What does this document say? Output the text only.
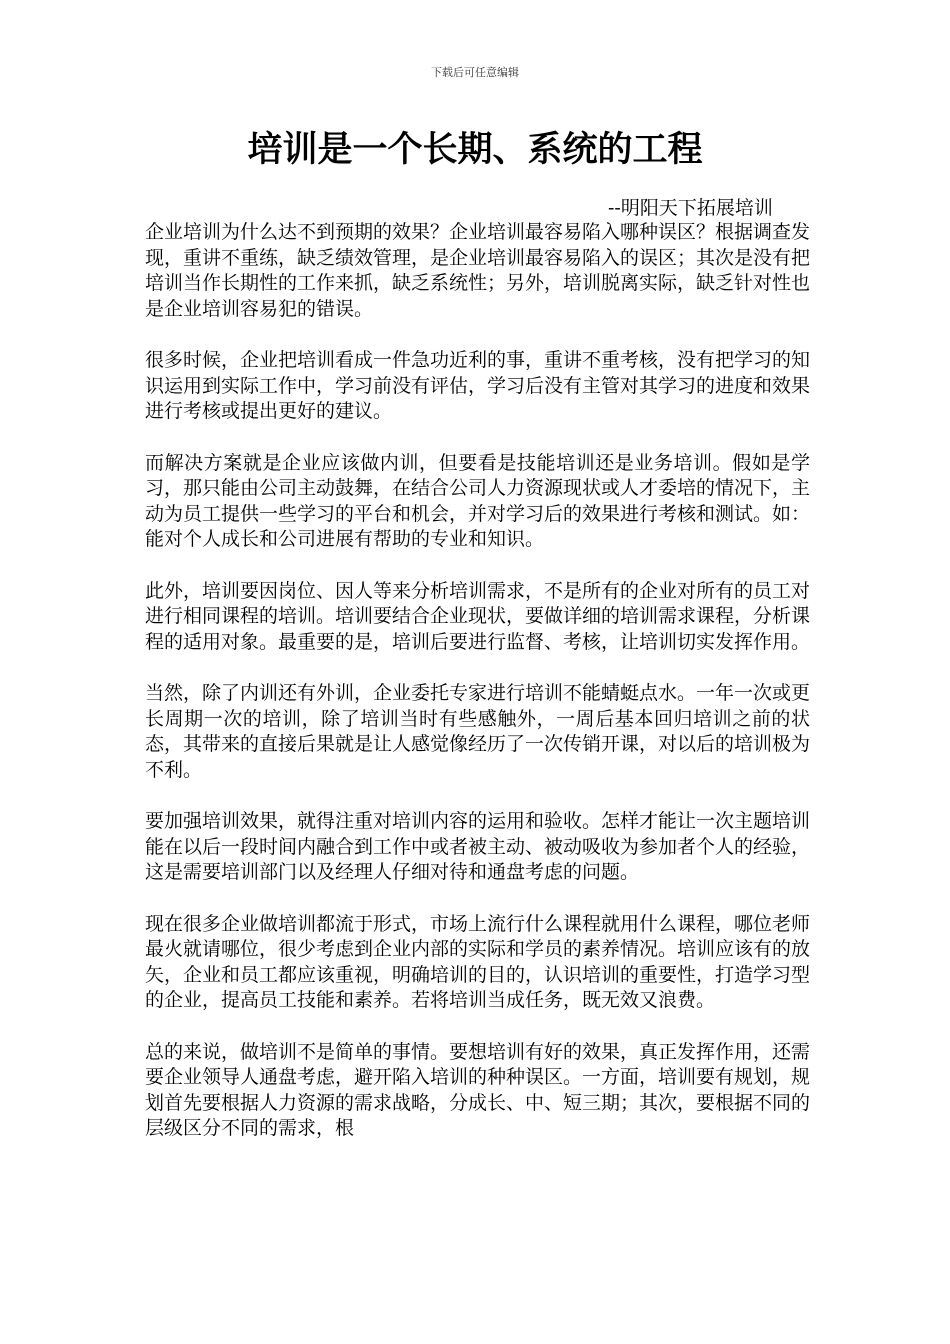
下载后可任意编辑
培训是一个长期、系统的工程
--明阳天下拓展培训

企业培训为什么达不到预期的效果？企业培训最容易陷入哪种误区？根据调查发现，重讲不重练，缺乏绩效管理，是企业培训最容易陷入的误区；其次是没有把培训当作长期性的工作来抓，缺乏系统性；另外，培训脱离实际，缺乏针对性也是企业培训容易犯的错误。

很多时候，企业把培训看成一件急功近利的事，重讲不重考核，没有把学习的知识运用到实际工作中，学习前没有评估，学习后没有主管对其学习的进度和效果进行考核或提出更好的建议。

而解决方案就是企业应该做内训，但要看是技能培训还是业务培训。假如是学习，那只能由公司主动鼓舞，在结合公司人力资源现状或人才委培的情况下，主动为员工提供一些学习的平台和机会，并对学习后的效果进行考核和测试。如：能对个人成长和公司进展有帮助的专业和知识。

此外，培训要因岗位、因人等来分析培训需求，不是所有的企业对所有的员工对进行相同课程的培训。培训要结合企业现状，要做详细的培训需求课程，分析课程的适用对象。最重要的是，培训后要进行监督、考核，让培训切实发挥作用。

当然，除了内训还有外训，企业委托专家进行培训不能蜻蜓点水。一年一次或更长周期一次的培训，除了培训当时有些感触外，一周后基本回归培训之前的状态，其带来的直接后果就是让人感觉像经历了一次传销开课，对以后的培训极为不利。

要加强培训效果，就得注重对培训内容的运用和验收。怎样才能让一次主题培训能在以后一段时间内融合到工作中或者被主动、被动吸收为参加者个人的经验，这是需要培训部门以及经理人仔细对待和通盘考虑的问题。

现在很多企业做培训都流于形式，市场上流行什么课程就用什么课程，哪位老师最火就请哪位，很少考虑到企业内部的实际和学员的素养情况。培训应该有的放矢，企业和员工都应该重视，明确培训的目的，认识培训的重要性，打造学习型的企业，提高员工技能和素养。若将培训当成任务，既无效又浪费。

总的来说，做培训不是简单的事情。要想培训有好的效果，真正发挥作用，还需要企业领导人通盘考虑，避开陷入培训的种种误区。一方面，培训要有规划，规划首先要根据人力资源的需求战略，分成长、中、短三期；其次，要根据不同的层级区分不同的需求，根
